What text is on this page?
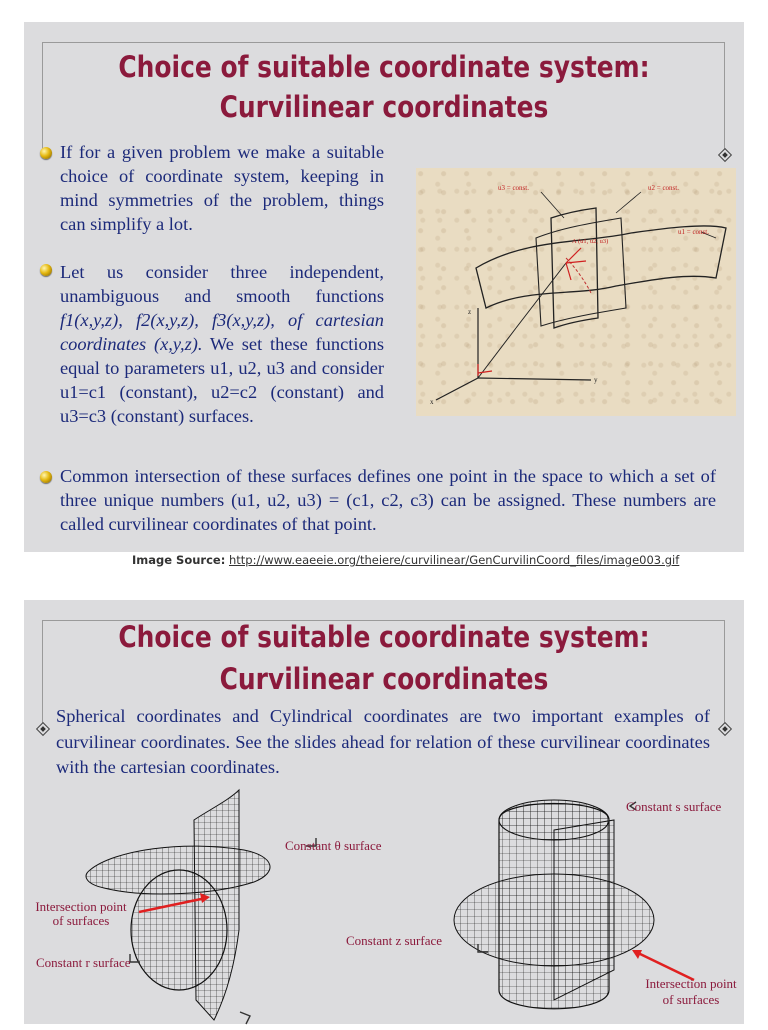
Choice of suitable coordinate system:
Curvilinear coordinates
If for a given problem we make a suitable choice of coordinate system, keeping in mind symmetries of the problem, things can simplify a lot.
Let us consider three independent, unambiguous and smooth functions f1(x,y,z), f2(x,y,z), f3(x,y,z), of cartesian coordinates (x,y,z). We set these functions equal to parameters u1, u2, u3 and consider u1=c1 (constant), u2=c2 (constant) and u3=c3 (constant) surfaces.
u3 = const.	u2 = const.
u1 = const.
A (u1, u2, u3)
z
y
x
Common intersection of these surfaces defines one point in the space to which a set of three unique numbers (u1, u2, u3) = (c1, c2, c3) can be assigned. These numbers are called curvilinear coordinates of that point.
Image Source: http://www.eaeeie.org/theiere/curvilinear/GenCurvilinCoord_files/image003.gif
Choice of suitable coordinate system:
Curvilinear coordinates
Spherical coordinates and Cylindrical coordinates are two important examples of curvilinear coordinates. See the slides ahead for relation of these curvilinear coordinates with the cartesian coordinates.
Constant θ surface
Intersection point
of surfaces
Constant r surface
Constant s surface
Constant z surface
Intersection point
of surfaces
